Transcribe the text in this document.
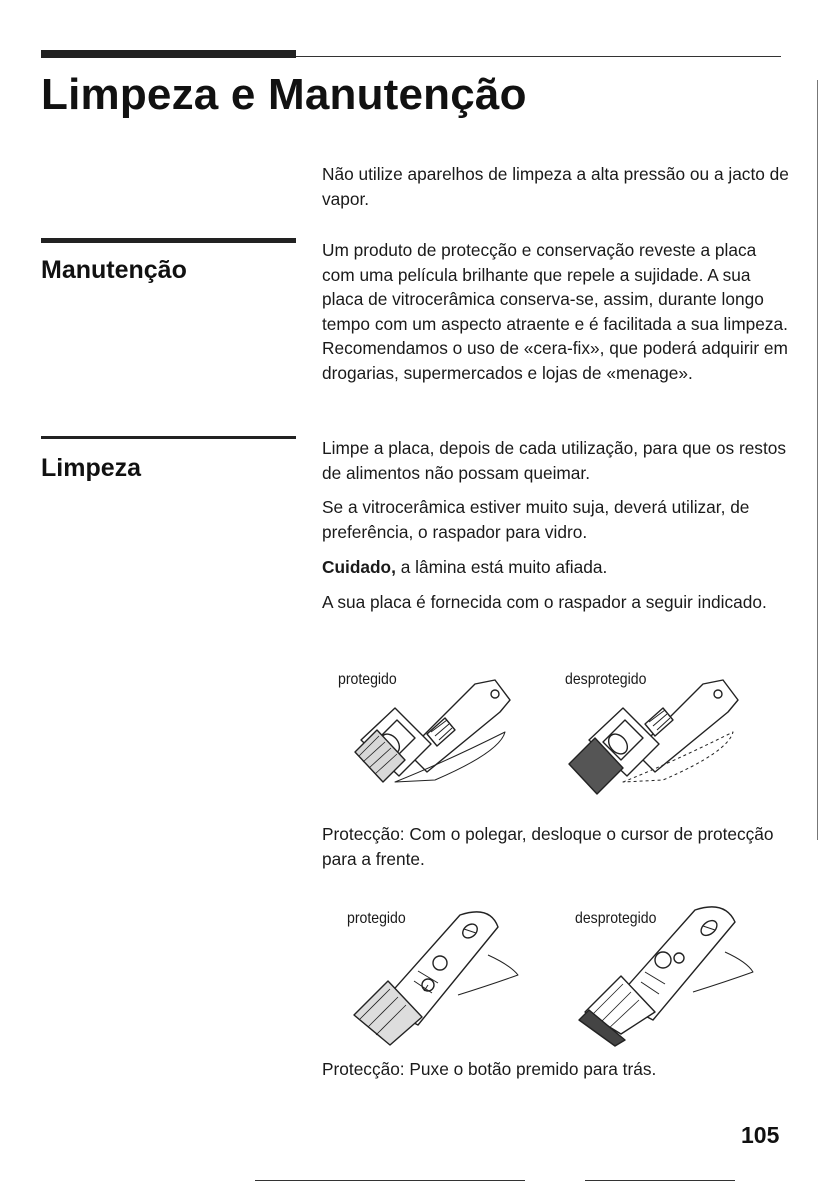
Limpeza e Manutenção

Não utilize aparelhos de limpeza a alta pressão ou a jacto de vapor.

Manutenção

Um produto de protecção e conservação reveste a placa com uma película brilhante que repele a sujidade. A sua placa de vitrocerâmica conserva-se, assim, durante longo tempo com um aspecto atraente e é facilitada a sua limpeza. Recomendamos o uso de «cera-fix», que poderá adquirir em drogarias, supermercados e lojas de «menage».

Limpeza

Limpe a placa, depois de cada utilização, para que os restos de alimentos não possam queimar.

Se a vitrocerâmica estiver muito suja, deverá utilizar, de preferência, o raspador para vidro.

Cuidado, a lâmina está muito afiada.

A sua placa é fornecida com o raspador a seguir indicado.

protegido	desprotegido

Protecção: Com o polegar, desloque o cursor de protecção para a frente.

protegido	desprotegido

Protecção: Puxe o botão premido para trás.

105
